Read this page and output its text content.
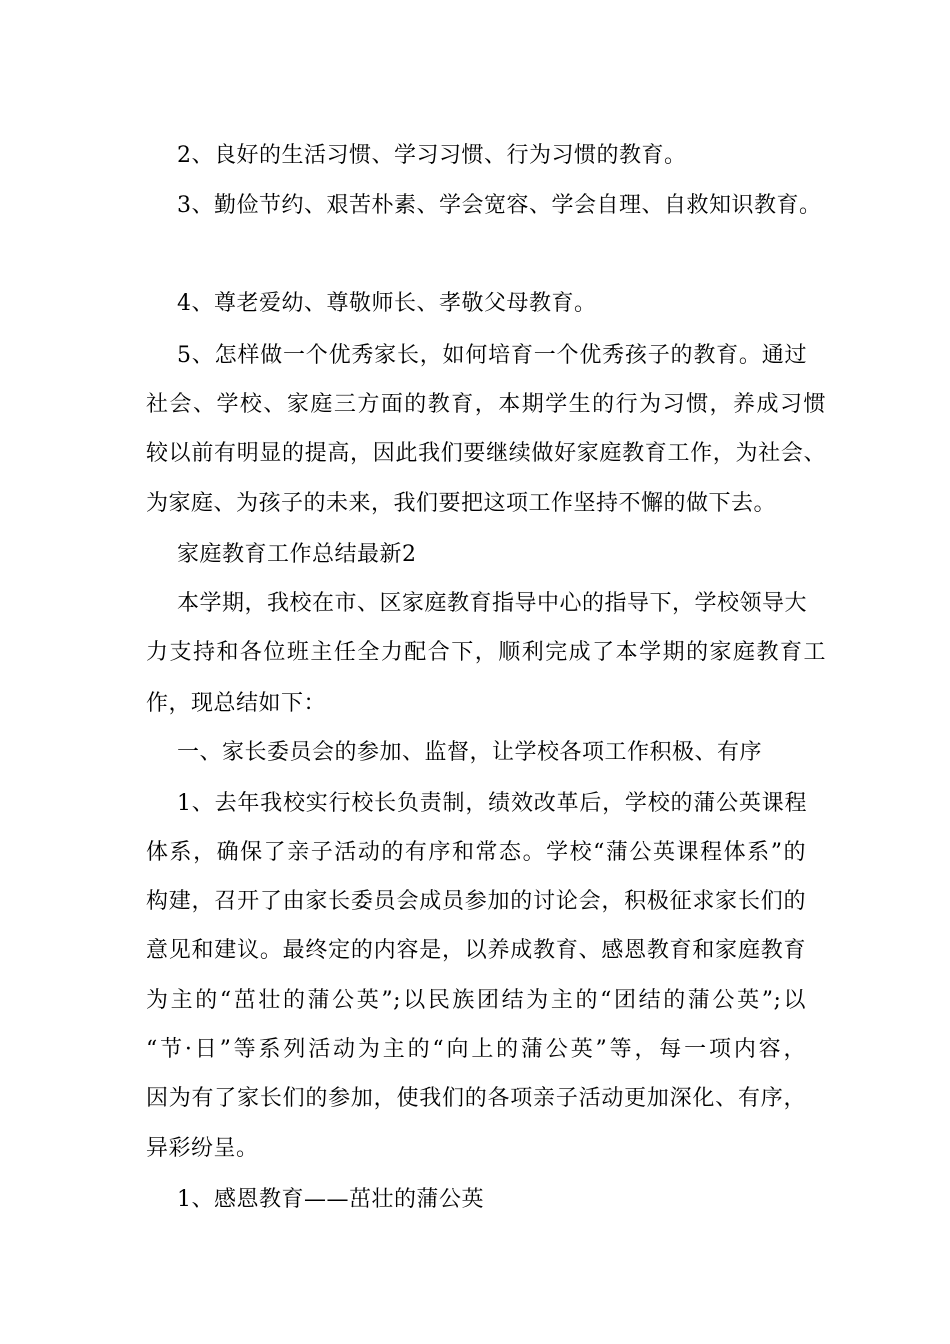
2、良好的生活习惯、学习习惯、行为习惯的教育。
3、勤俭节约、艰苦朴素、学会宽容、学会自理、自救知识教育。
4、尊老爱幼、尊敬师长、孝敬父母教育。
5、怎样做一个优秀家长，如何培育一个优秀孩子的教育。通过
社会、学校、家庭三方面的教育，本期学生的行为习惯，养成习惯
较以前有明显的提高，因此我们要继续做好家庭教育工作，为社会、
为家庭、为孩子的未来，我们要把这项工作坚持不懈的做下去。
家庭教育工作总结最新2
本学期，我校在市、区家庭教育指导中心的指导下，学校领导大
力支持和各位班主任全力配合下，顺利完成了本学期的家庭教育工
作，现总结如下：
一、家长委员会的参加、监督，让学校各项工作积极、有序
1、去年我校实行校长负责制，绩效改革后，学校的蒲公英课程
体系，确保了亲子活动的有序和常态。学校“蒲公英课程体系”的
构建，召开了由家长委员会成员参加的讨论会，积极征求家长们的
意见和建议。最终定的内容是，以养成教育、感恩教育和家庭教育
为主的“茁壮的蒲公英”;以民族团结为主的“团结的蒲公英”;以
“节·日”等系列活动为主的“向上的蒲公英”等，每一项内容，
因为有了家长们的参加，使我们的各项亲子活动更加深化、有序，
异彩纷呈。
1、感恩教育——茁壮的蒲公英
